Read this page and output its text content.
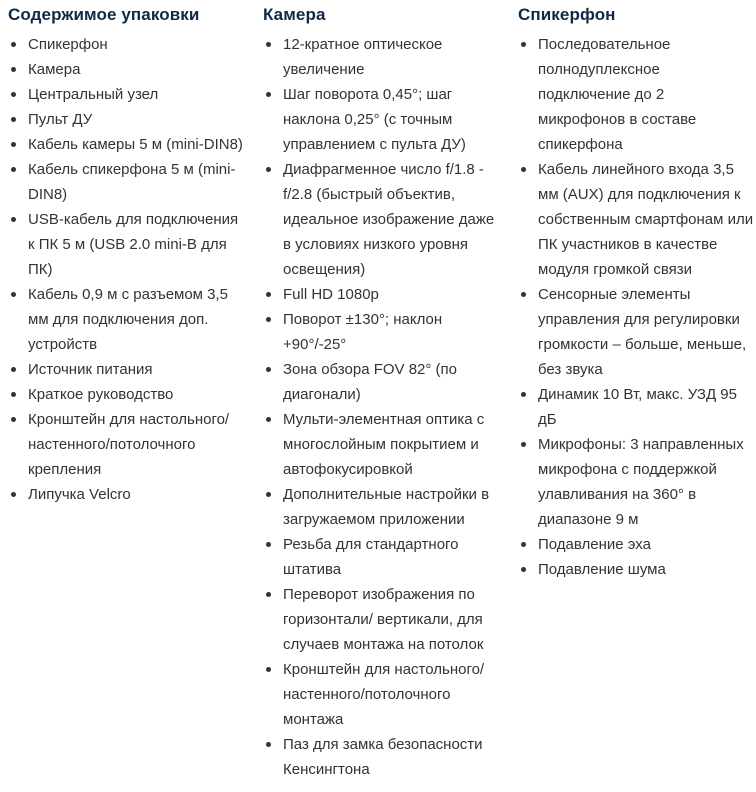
Содержимое упаковки
Спикерфон
Камера
Центральный узел
Пульт ДУ
Кабель камеры 5 м (mini-DIN8)
Кабель спикерфона 5 м (mini-DIN8)
USB-кабель для подключения к ПК 5 м (USB 2.0 mini-B для ПК)
Кабель 0,9 м с разъемом 3,5 мм для подключения доп. устройств
Источник питания
Краткое руководство
Кронштейн для настольного/ настенного/потолочного крепления
Липучка Velcro
Камера
12-кратное оптическое увеличение
Шаг поворота 0,45°; шаг наклона 0,25° (с точным управлением с пульта ДУ)
Диафрагменное число f/1.8 - f/2.8 (быстрый объектив, идеальное изображение даже в условиях низкого уровня освещения)
Full HD 1080p
Поворот ±130°; наклон +90°/-25°
Зона обзора FOV 82° (по диагонали)
Мульти-элементная оптика с многослойным покрытием и автофокусировкой
Дополнительные настройки в загружаемом приложении
Резьба для стандартного штатива
Переворот изображения по горизонтали/ вертикали, для случаев монтажа на потолок
Кронштейн для настольного/ настенного/потолочного монтажа
Паз для замка безопасности Кенсингтона
Спикерфон
Последовательное полнодуплексное подключение до 2 микрофонов в составе спикерфона
Кабель линейного входа 3,5 мм (AUX) для подключения к собственным смартфонам или ПК участников в качестве модуля громкой связи
Сенсорные элементы управления для регулировки громкости – больше, меньше, без звука
Динамик 10 Вт, макс. УЗД 95 дБ
Микрофоны: 3 направленных микрофона с поддержкой улавливания на 360° в диапазоне 9 м
Подавление эха
Подавление шума
